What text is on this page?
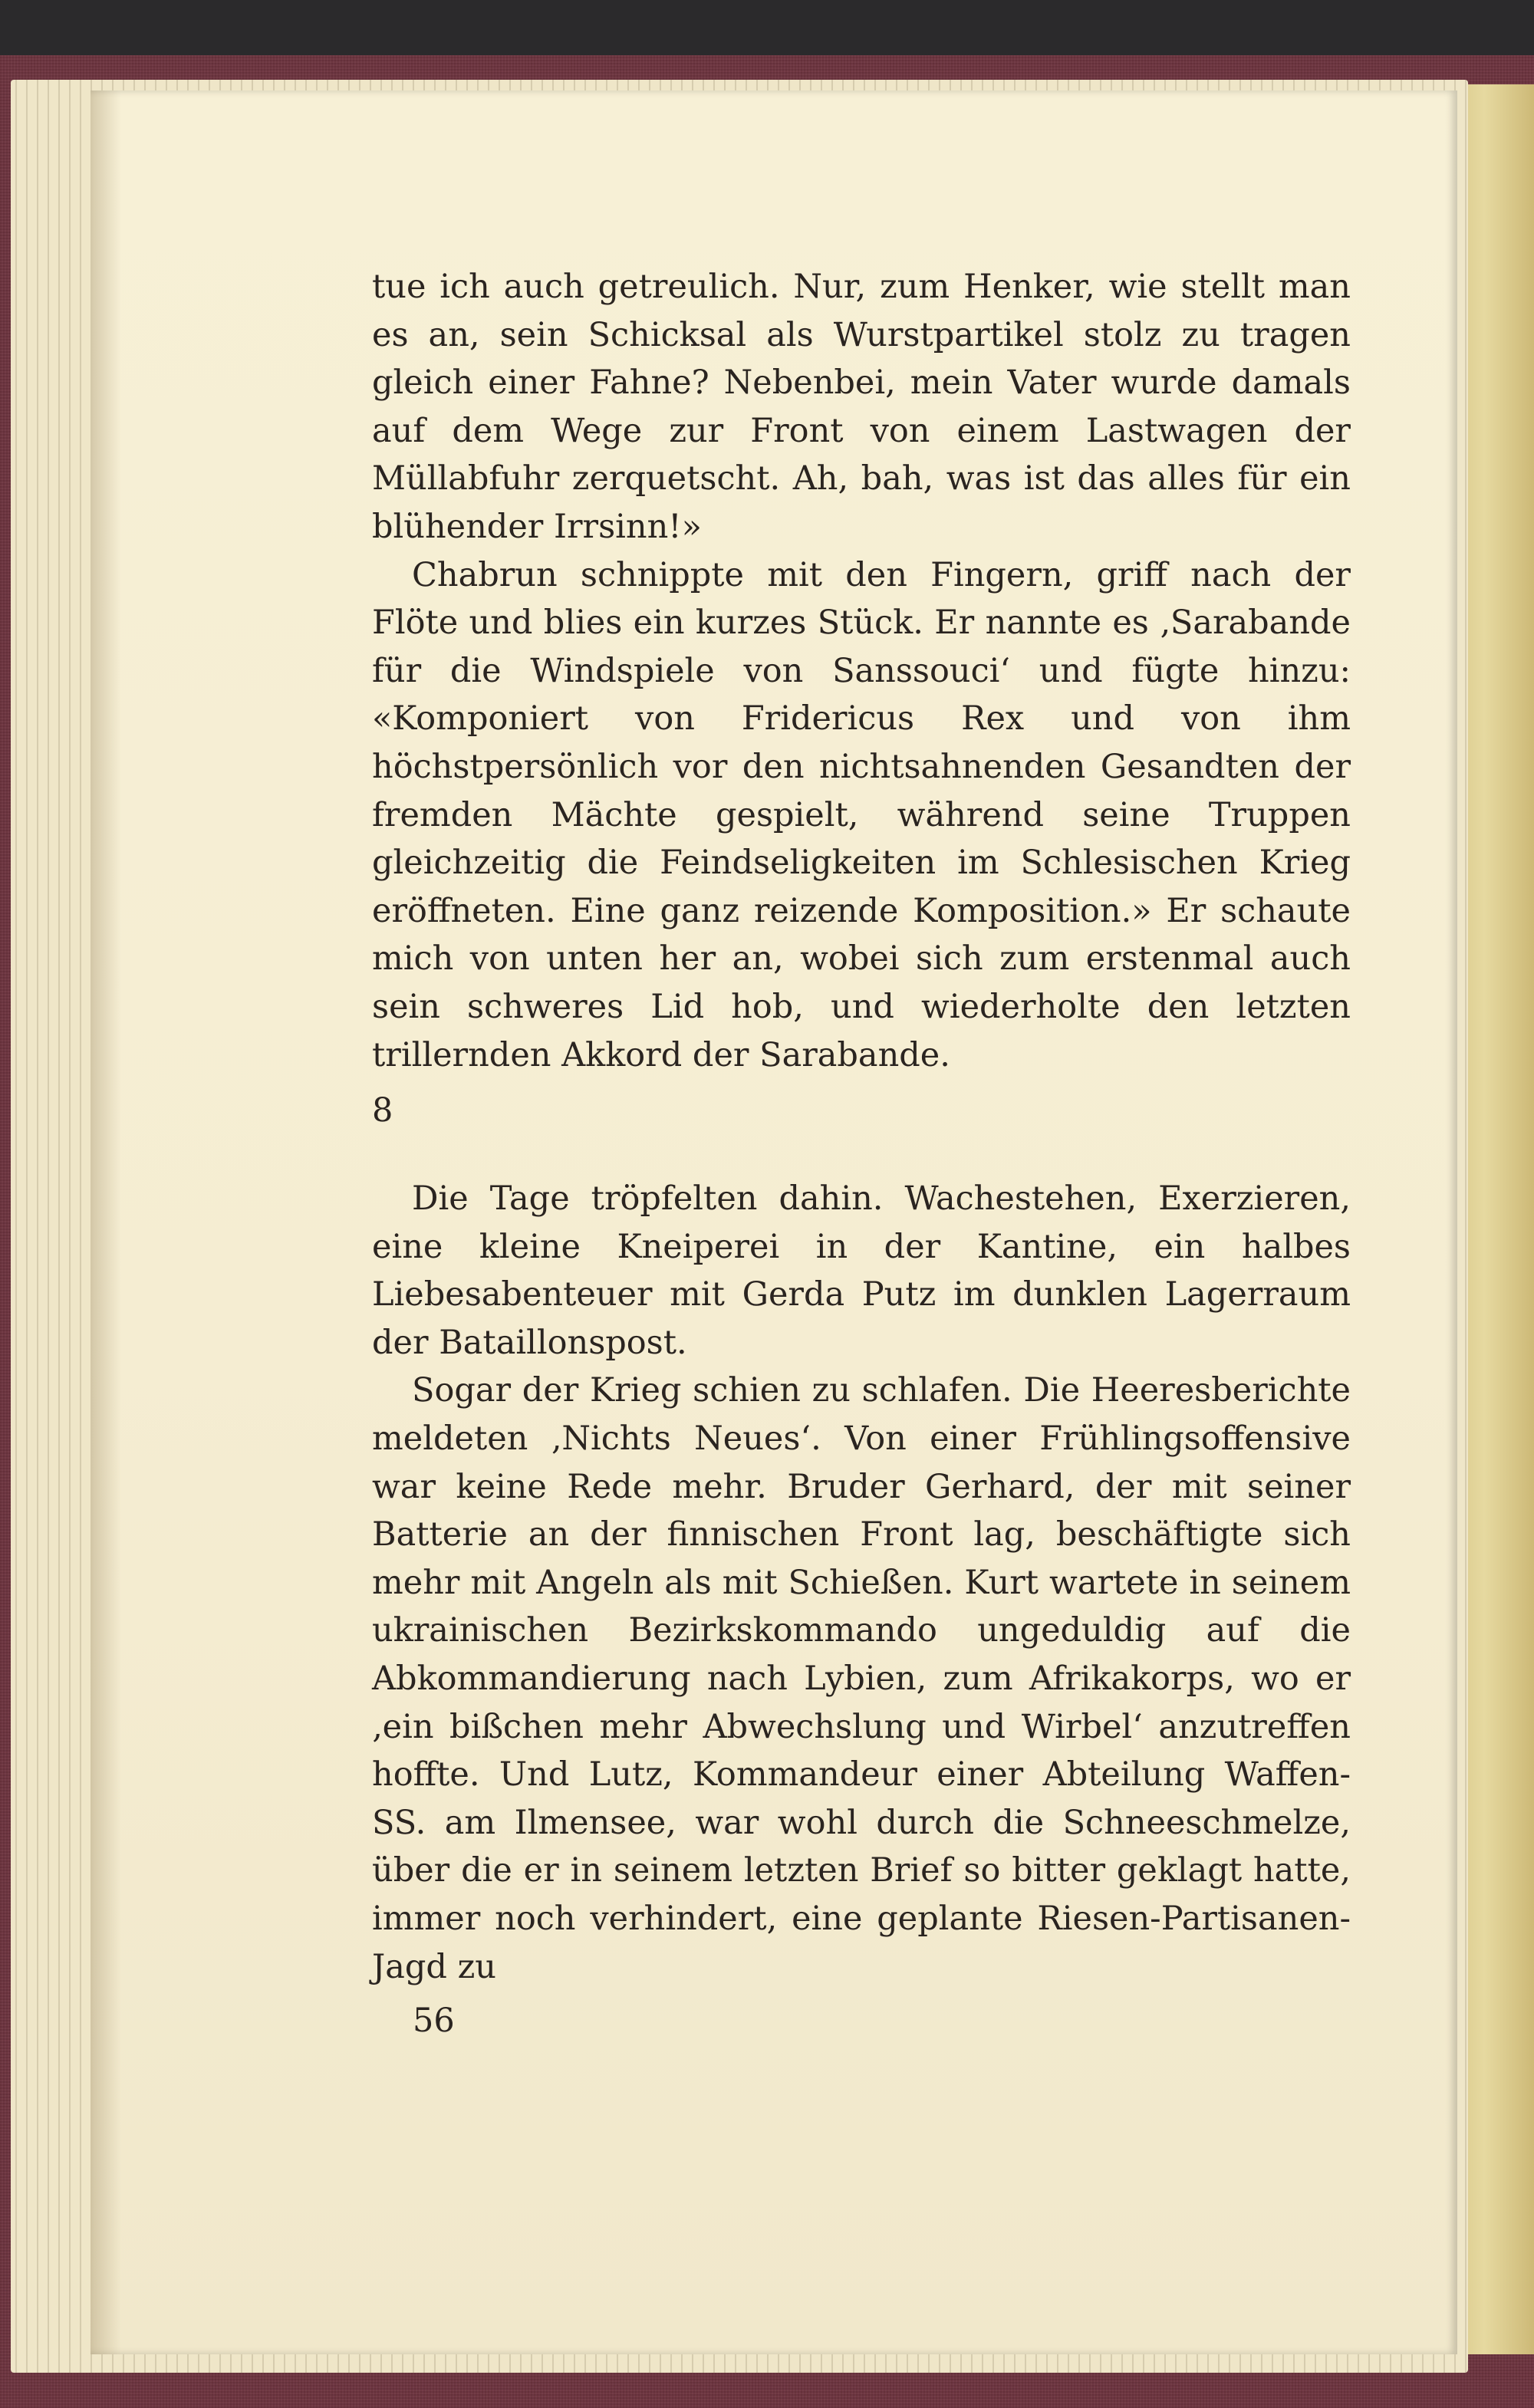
tue ich auch getreulich. Nur, zum Henker, wie stellt man es an, sein Schicksal als Wurstpartikel stolz zu tragen gleich einer Fahne? Nebenbei, mein Vater wurde damals auf dem Wege zur Front von einem Lastwagen der Müllabfuhr zerquetscht. Ah, bah, was ist das alles für ein blühender Irrsinn!»

Chabrun schnippte mit den Fingern, griff nach der Flöte und blies ein kurzes Stück. Er nannte es ‚Sarabande für die Windspiele von Sanssouci‘ und fügte hinzu: «Komponiert von Fridericus Rex und von ihm höchstpersönlich vor den nichtsahnenden Gesandten der fremden Mächte gespielt, während seine Truppen gleichzeitig die Feindseligkeiten im Schlesischen Krieg eröffneten. Eine ganz reizende Komposition.» Er schaute mich von unten her an, wobei sich zum erstenmal auch sein schweres Lid hob, und wiederholte den letzten trillernden Akkord der Sarabande.

8

Die Tage tröpfelten dahin. Wachestehen, Exerzieren, eine kleine Kneiperei in der Kantine, ein halbes Liebesabenteuer mit Gerda Putz im dunklen Lagerraum der Bataillonspost.

Sogar der Krieg schien zu schlafen. Die Heeresberichte meldeten ‚Nichts Neues‘. Von einer Frühlingsoffensive war keine Rede mehr. Bruder Gerhard, der mit seiner Batterie an der finnischen Front lag, beschäftigte sich mehr mit Angeln als mit Schießen. Kurt wartete in seinem ukrainischen Bezirkskommando ungeduldig auf die Abkommandierung nach Lybien, zum Afrikakorps, wo er ‚ein bißchen mehr Abwechslung und Wirbel‘ anzutreffen hoffte. Und Lutz, Kommandeur einer Abteilung Waffen-SS. am Ilmensee, war wohl durch die Schneeschmelze, über die er in seinem letzten Brief so bitter geklagt hatte, immer noch verhindert, eine geplante Riesen-Partisanen-Jagd zu

56
